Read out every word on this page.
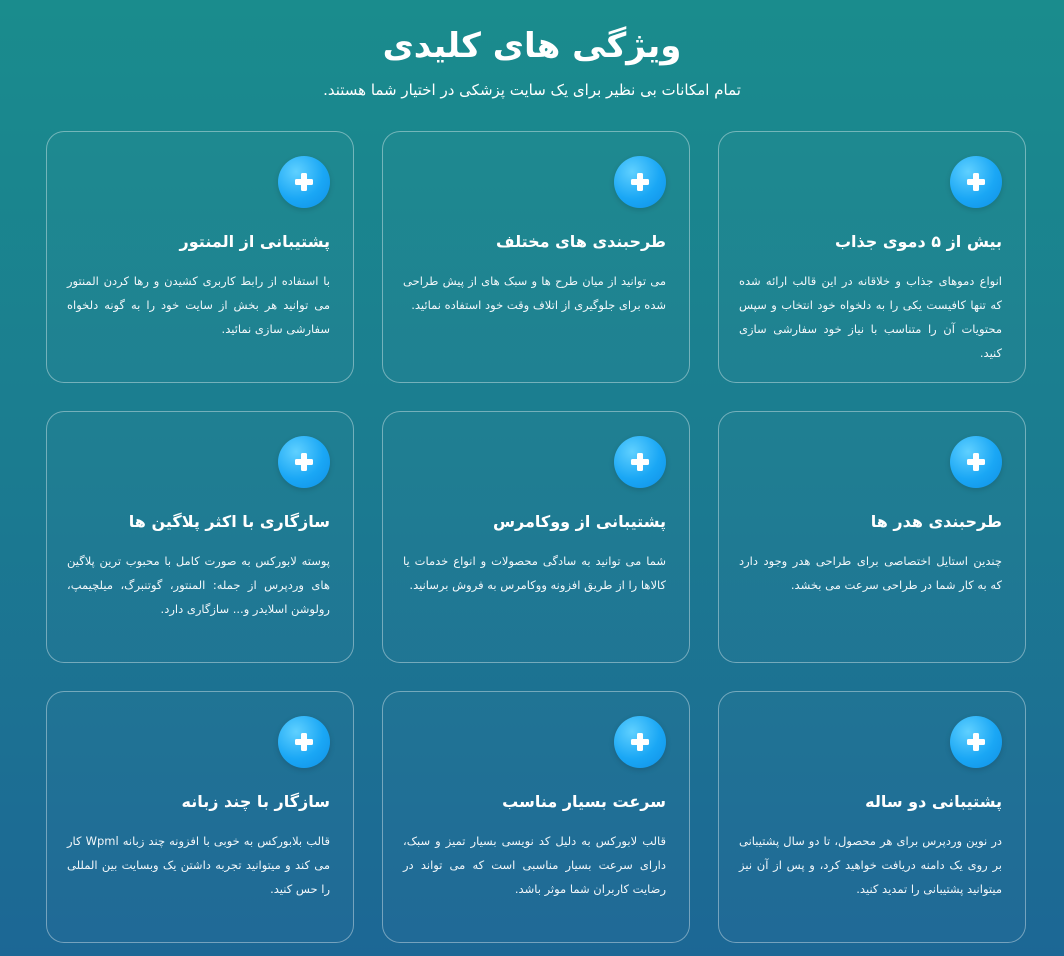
ویژگی های کلیدی

تمام امکانات بی نظیر برای یک سایت پزشکی در اختیار شما هستند.

بیش از ۵ دموی جذاب
انواع دموهای جذاب و خلاقانه در این قالب ارائه شده که تنها کافیست یکی را به دلخواه خود انتخاب و سپس محتویات آن را متناسب با نیاز خود سفارشی سازی کنید.
طرحبندی های مختلف
می توانید از میان طرح ها و سبک های از پیش طراحی شده برای جلوگیری از اتلاف وقت خود استفاده نمائید.
پشتیبانی از المنتور
با استفاده از رابط کاربری کشیدن و رها کردن المنتور می توانید هر بخش از سایت خود را به گونه دلخواه سفارشی سازی نمائید.
طرحبندی هدر ها
چندین استایل اختصاصی برای طراحی هدر وجود دارد که به کار شما در طراحی سرعت می بخشد.
پشتیبانی از ووکامرس
شما می توانید به سادگی محصولات و انواع خدمات یا کالاها را از طریق افزونه ووکامرس به فروش برسانید.
سازگاری با اکثر پلاگین ها
پوسته لابورکس به صورت کامل با محبوب ترین پلاگین های وردپرس از جمله: المنتور، گوتنبرگ، میلچیمپ، رولوشن اسلایدر و... سازگاری دارد.
پشتیبانی دو ساله
در نوین وردپرس برای هر محصول، تا دو سال پشتیبانی بر روی یک دامنه دریافت خواهید کرد، و پس از آن نیز میتوانید پشتیبانی را تمدید کنید.
سرعت بسیار مناسب
قالب لابورکس به دلیل کد نویسی بسیار تمیز و سبک، دارای سرعت بسیار مناسبی است که می تواند در رضایت کاربران شما موثر باشد.
سازگار با چند زبانه
قالب بلابورکس به خوبی با افزونه چند زبانه Wpml کار می کند و میتوانید تجربه داشتن یک وبسایت بین المللی را حس کنید.
